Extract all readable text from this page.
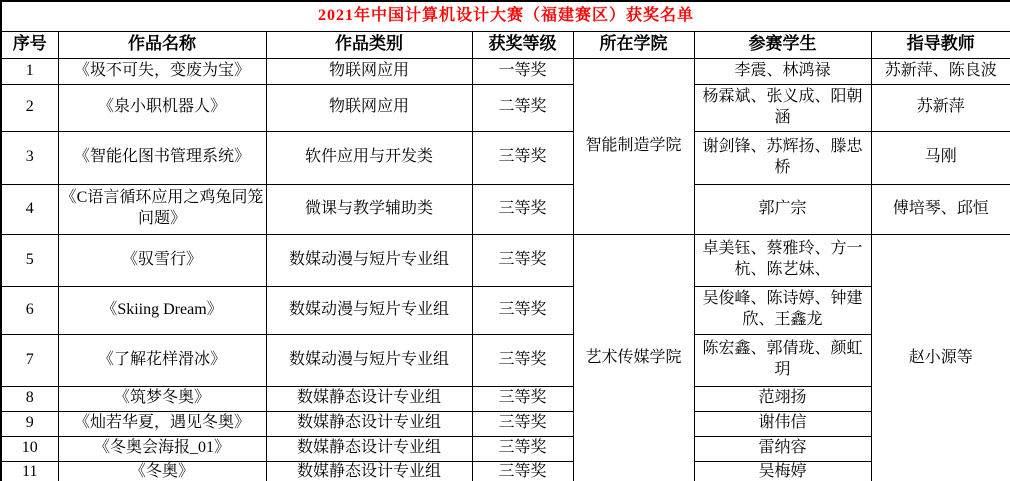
2021年中国计算机设计大赛（福建赛区）获奖名单						
序号	作品名称	作品类别	获奖等级	所在学院	参赛学生	指导教师
1	《圾不可失，变废为宝》	物联网应用	一等奖	智能制造学院	李震、林鸿禄	苏新萍、陈良波
2	《泉小职机器人》	物联网应用	二等奖		杨霖斌、张义成、阳朝涵	苏新萍
3	《智能化图书管理系统》	软件应用与开发类	三等奖		谢剑锋、苏辉扬、滕忠桥	马刚
4	《C语言循环应用之鸡兔同笼问题》	微课与教学辅助类	三等奖		郭广宗	傅培琴、邱恒
5	《驭雪行》	数媒动漫与短片专业组	三等奖	艺术传媒学院	卓美钰、蔡雅玲、方一杭、陈艺妹、	赵小源等
6	《Skiing Dream》	数媒动漫与短片专业组	三等奖		吴俊峰、陈诗婷、钟建欣、王鑫龙	
7	《了解花样滑冰》	数媒动漫与短片专业组	三等奖		陈宏鑫、郭倩珑、颜虹玥	
8	《筑梦冬奥》	数媒静态设计专业组	三等奖		范翊扬	
9	《灿若华夏，遇见冬奥》	数媒静态设计专业组	三等奖		谢伟信	
10	《冬奥会海报_01》	数媒静态设计专业组	三等奖		雷纳容	
11	《冬奥》	数媒静态设计专业组	三等奖		吴梅婷	
